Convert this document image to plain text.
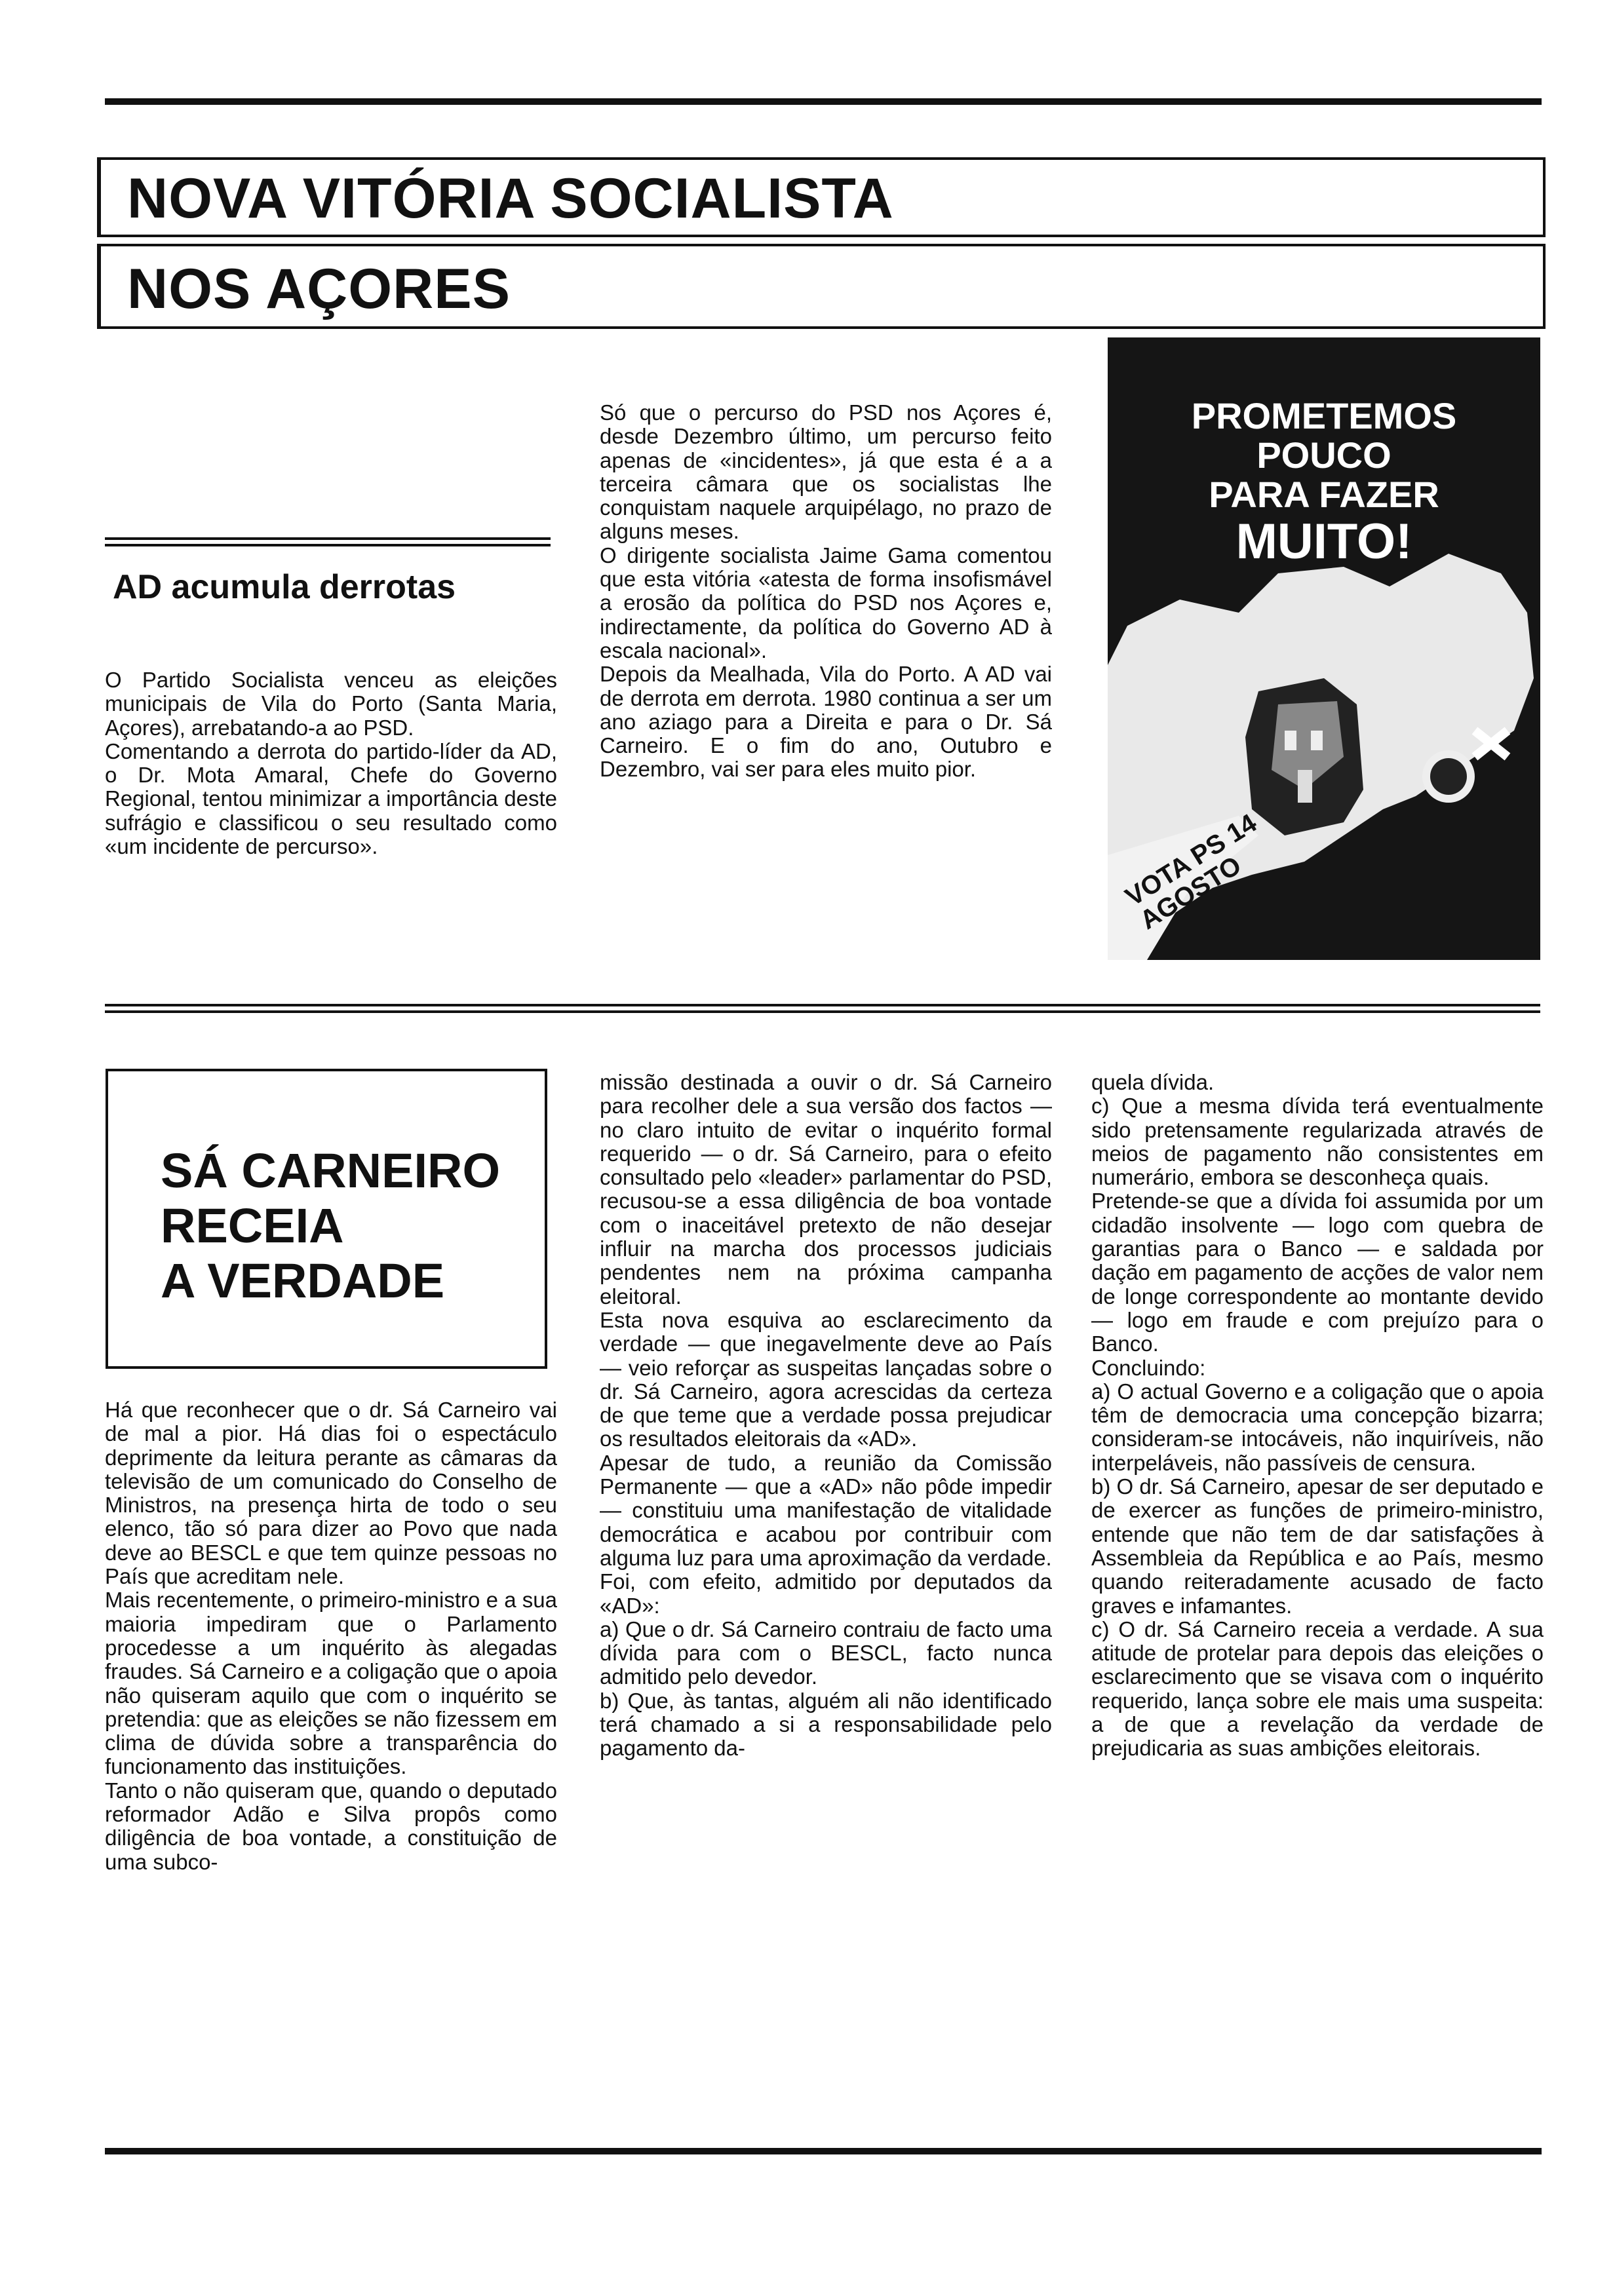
NOVA VITÓRIA SOCIALISTA
NOS AÇORES
AD acumula derrotas

O Partido Socialista venceu as eleições municipais de Vila do Porto (Santa Maria, Açores), arrebatando-a ao PSD.

Comentando a derrota do partido-líder da AD, o Dr. Mota Amaral, Chefe do Governo Regional, tentou minimizar a importância deste sufrágio e classificou o seu resultado como «um incidente de percurso».

Só que o percurso do PSD nos Açores é, desde Dezembro último, um percurso feito apenas de «incidentes», já que esta é a a terceira câmara que os socialistas lhe conquistam naquele arquipélago, no prazo de alguns meses.

O dirigente socialista Jaime Gama comentou que esta vitória «atesta de forma insofismável a erosão da política do PSD nos Açores e, indirectamente, da política do Governo AD à escala nacional».

Depois da Mealhada, Vila do Porto. A AD vai de derrota em derrota. 1980 continua a ser um ano aziago para a Direita e para o Dr. Sá Carneiro. E o fim do ano, Outubro e Dezembro, vai ser para eles muito pior.

PROMETEMOS
POUCO
PARA FAZER
MUITO!
VOTA PS 14 AGOSTO
SÁ CARNEIRO
RECEIA
A VERDADE

Há que reconhecer que o dr. Sá Carneiro vai de mal a pior. Há dias foi o espectáculo deprimente da leitura perante as câmaras da televisão de um comunicado do Conselho de Ministros, na presença hirta de todo o seu elenco, tão só para dizer ao Povo que nada deve ao BESCL e que tem quinze pessoas no País que acreditam nele.

Mais recentemente, o primeiro-ministro e a sua maioria impediram que o Parlamento procedesse a um inquérito às alegadas fraudes. Sá Carneiro e a coligação que o apoia não quiseram aquilo que com o inquérito se pretendia: que as eleições se não fizessem em clima de dúvida sobre a transparência do funcionamento das instituições.

Tanto o não quiseram que, quando o deputado reformador Adão e Silva propôs como diligência de boa vontade, a constituição de uma subco-

missão destinada a ouvir o dr. Sá Carneiro para recolher dele a sua versão dos factos — no claro intuito de evitar o inquérito formal requerido — o dr. Sá Carneiro, para o efeito consultado pelo «leader» parlamentar do PSD, recusou-se a essa diligência de boa vontade com o inaceitável pretexto de não desejar influir na marcha dos processos judiciais pendentes nem na próxima campanha eleitoral.

Esta nova esquiva ao esclarecimento da verdade — que inegavelmente deve ao País — veio reforçar as suspeitas lançadas sobre o dr. Sá Carneiro, agora acrescidas da certeza de que teme que a verdade possa prejudicar os resultados eleitorais da «AD».

Apesar de tudo, a reunião da Comissão Permanente — que a «AD» não pôde impedir — constituiu uma manifestação de vitalidade democrática e acabou por contribuir com alguma luz para uma aproximação da verdade.

Foi, com efeito, admitido por deputados da «AD»:

a) Que o dr. Sá Carneiro contraiu de facto uma dívida para com o BESCL, facto nunca admitido pelo devedor.

b) Que, às tantas, alguém ali não identificado terá chamado a si a responsabilidade pelo pagamento da-

quela dívida.

c) Que a mesma dívida terá eventualmente sido pretensamente regularizada através de meios de pagamento não consistentes em numerário, embora se desconheça quais.

Pretende-se que a dívida foi assumida por um cidadão insolvente — logo com quebra de garantias para o Banco — e saldada por dação em pagamento de acções de valor nem de longe correspondente ao montante devido — logo em fraude e com prejuízo para o Banco.

Concluindo:

a) O actual Governo e a coligação que o apoia têm de democracia uma concepção bizarra; consideram-se intocáveis, não inquiríveis, não interpeláveis, não passíveis de censura.

b) O dr. Sá Carneiro, apesar de ser deputado e de exercer as funções de primeiro-ministro, entende que não tem de dar satisfações à Assembleia da República e ao País, mesmo quando reiteradamente acusado de facto graves e infamantes.

c) O dr. Sá Carneiro receia a verdade. A sua atitude de protelar para depois das eleições o esclarecimento que se visava com o inquérito requerido, lança sobre ele mais uma suspeita: a de que a revelação da verdade de prejudicaria as suas ambições eleitorais.
